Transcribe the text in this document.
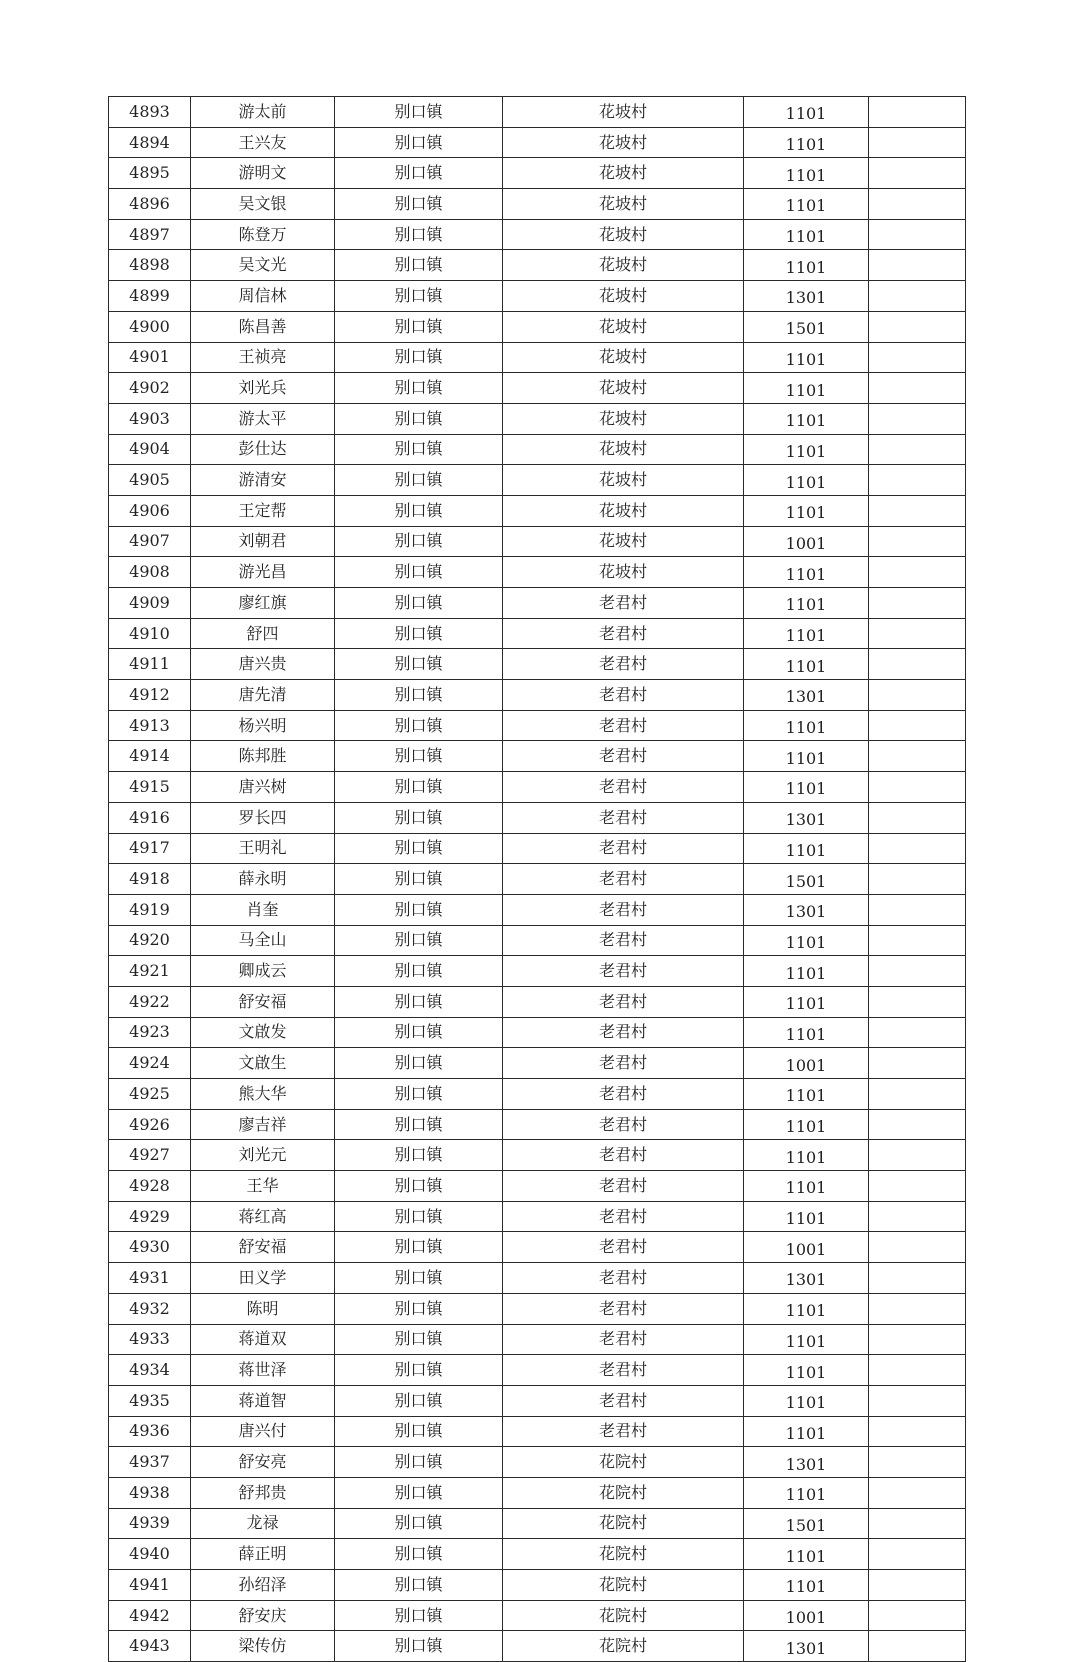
4893	游太前	别口镇	花坡村	1101	
4894	王兴友	别口镇	花坡村	1101	
4895	游明文	别口镇	花坡村	1101	
4896	吴文银	别口镇	花坡村	1101	
4897	陈登万	别口镇	花坡村	1101	
4898	吴文光	别口镇	花坡村	1101	
4899	周信林	别口镇	花坡村	1301	
4900	陈昌善	别口镇	花坡村	1501	
4901	王祯亮	别口镇	花坡村	1101	
4902	刘光兵	别口镇	花坡村	1101	
4903	游太平	别口镇	花坡村	1101	
4904	彭仕达	别口镇	花坡村	1101	
4905	游清安	别口镇	花坡村	1101	
4906	王定帮	别口镇	花坡村	1101	
4907	刘朝君	别口镇	花坡村	1001	
4908	游光昌	别口镇	花坡村	1101	
4909	廖红旗	别口镇	老君村	1101	
4910	舒四	别口镇	老君村	1101	
4911	唐兴贵	别口镇	老君村	1101	
4912	唐先清	别口镇	老君村	1301	
4913	杨兴明	别口镇	老君村	1101	
4914	陈邦胜	别口镇	老君村	1101	
4915	唐兴树	别口镇	老君村	1101	
4916	罗长四	别口镇	老君村	1301	
4917	王明礼	别口镇	老君村	1101	
4918	薛永明	别口镇	老君村	1501	
4919	肖奎	别口镇	老君村	1301	
4920	马全山	别口镇	老君村	1101	
4921	卿成云	别口镇	老君村	1101	
4922	舒安福	别口镇	老君村	1101	
4923	文啟发	别口镇	老君村	1101	
4924	文啟生	别口镇	老君村	1001	
4925	熊大华	别口镇	老君村	1101	
4926	廖吉祥	别口镇	老君村	1101	
4927	刘光元	别口镇	老君村	1101	
4928	王华	别口镇	老君村	1101	
4929	蒋红高	别口镇	老君村	1101	
4930	舒安福	别口镇	老君村	1001	
4931	田义学	别口镇	老君村	1301	
4932	陈明	别口镇	老君村	1101	
4933	蒋道双	别口镇	老君村	1101	
4934	蒋世泽	别口镇	老君村	1101	
4935	蒋道智	别口镇	老君村	1101	
4936	唐兴付	别口镇	老君村	1101	
4937	舒安亮	别口镇	花院村	1301	
4938	舒邦贵	别口镇	花院村	1101	
4939	龙禄	别口镇	花院村	1501	
4940	薛正明	别口镇	花院村	1101	
4941	孙绍泽	别口镇	花院村	1101	
4942	舒安庆	别口镇	花院村	1001	
4943	梁传仿	别口镇	花院村	1301	
